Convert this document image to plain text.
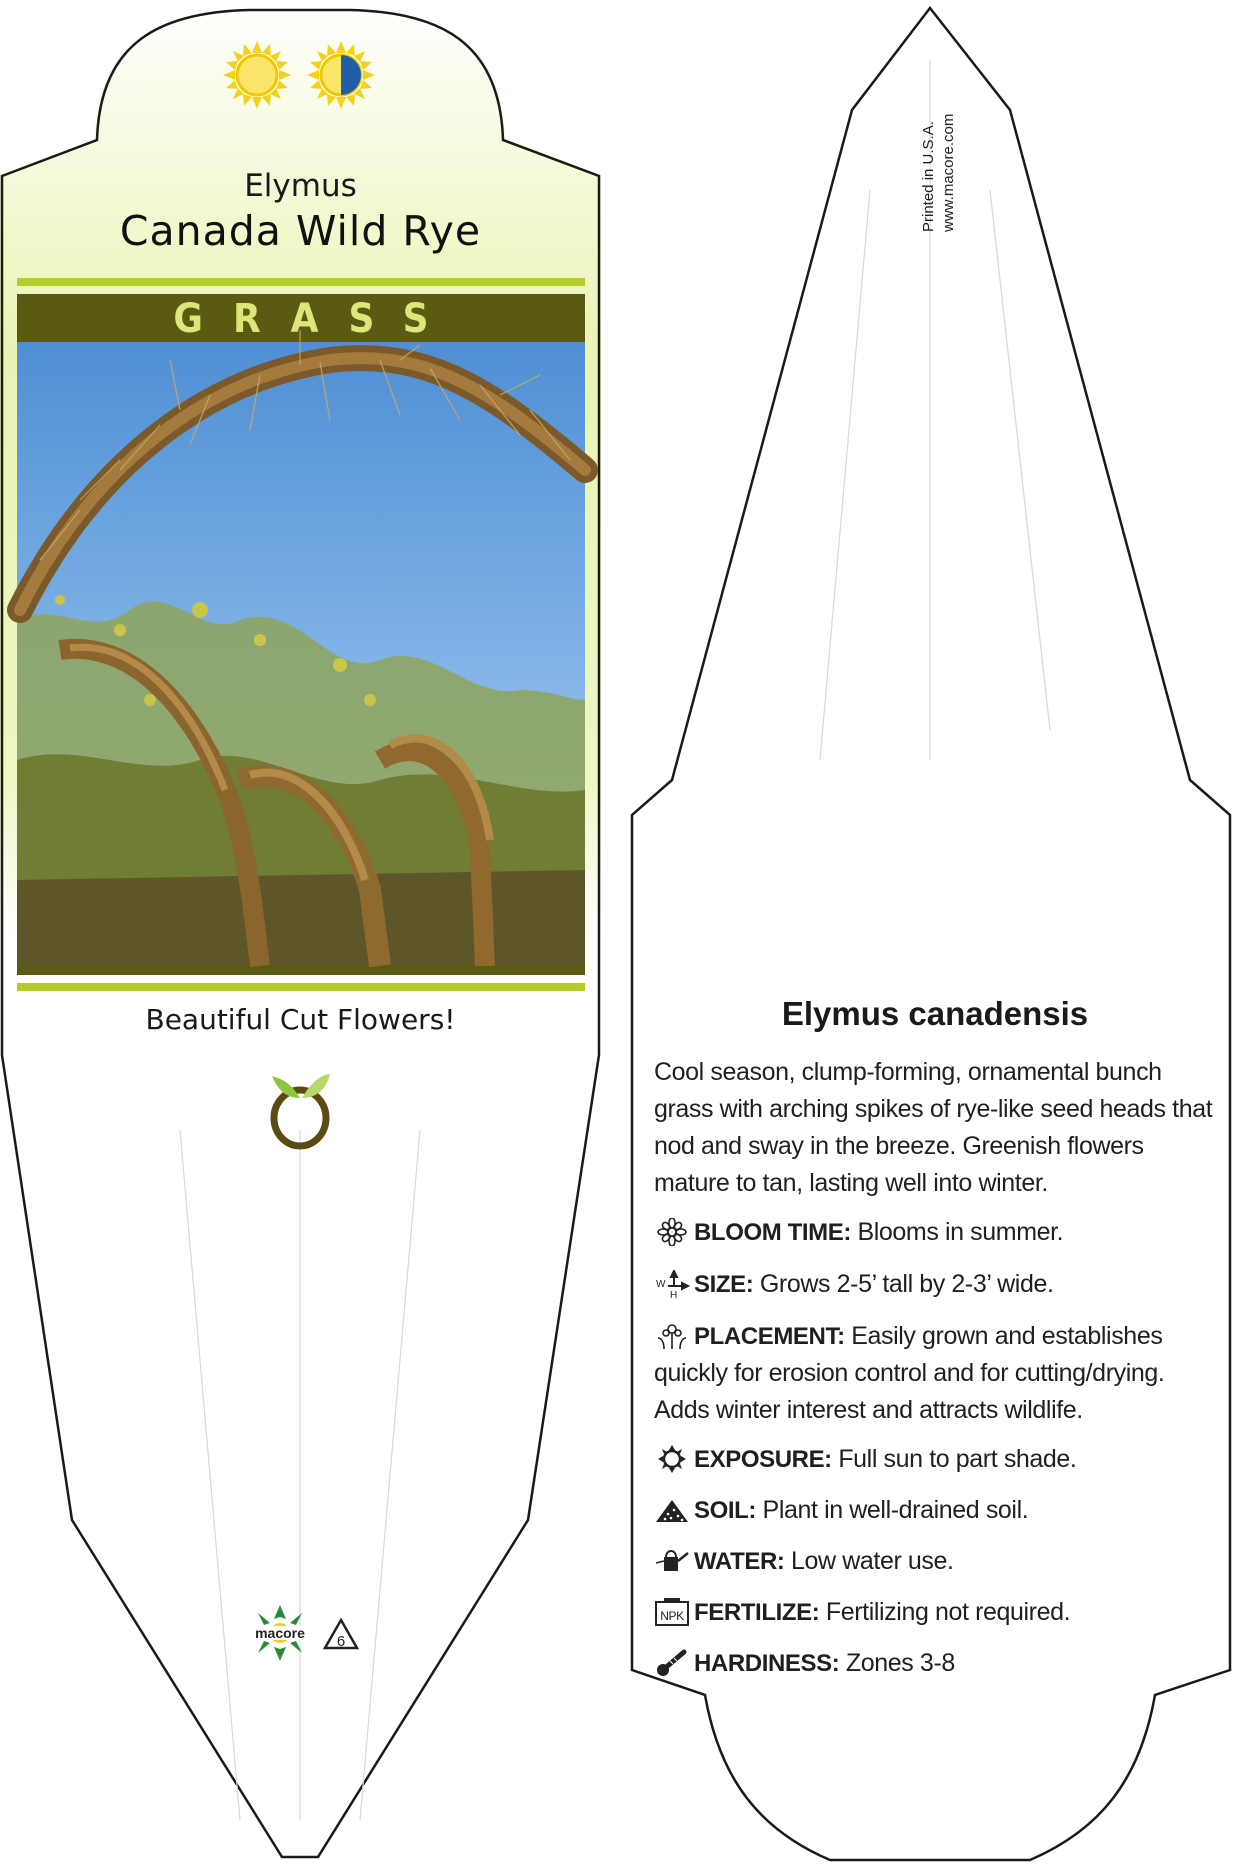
Elymus
Canada Wild Rye
GRASS
Beautiful Cut Flowers!
macore 6
Printed in U.S.A. www.macore.com
Elymus canadensis
Cool season, clump-forming, ornamental bunch grass with arching spikes of rye-like seed heads that nod and sway in the breeze. Greenish flowers mature to tan, lasting well into winter.
BLOOM TIME: Blooms in summer.
W
H SIZE: Grows 2-5’ tall by 2-3’ wide.
PLACEMENT: Easily grown and establishes quickly for erosion control and for cutting/drying. Adds winter interest and attracts wildlife.
EXPOSURE: Full sun to part shade.
SOIL: Plant in well-drained soil.
WATER: Low water use.
NPK FERTILIZE: Fertilizing not required.
HARDINESS: Zones 3-8
